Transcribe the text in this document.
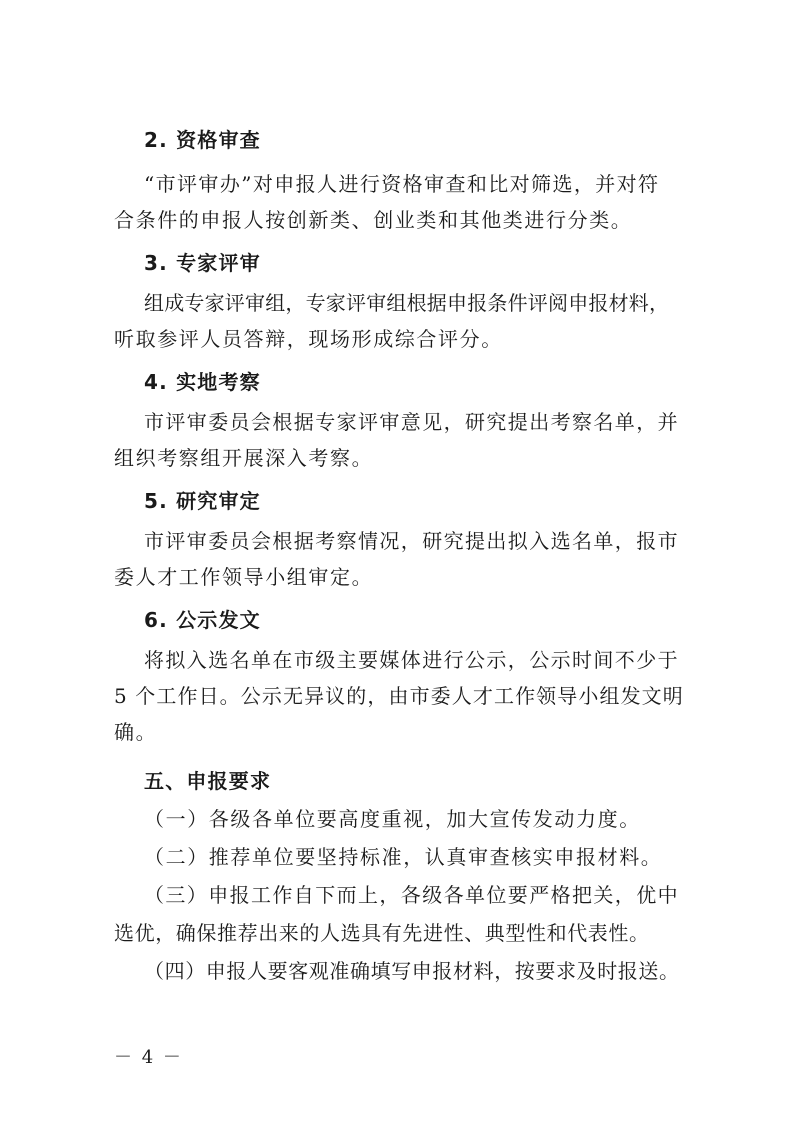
2. 资格审查
“市评审办”对申报人进行资格审查和比对筛选，并对符
合条件的申报人按创新类、创业类和其他类进行分类。
3. 专家评审
组成专家评审组，专家评审组根据申报条件评阅申报材料，
听取参评人员答辩，现场形成综合评分。
4. 实地考察
市评审委员会根据专家评审意见，研究提出考察名单，并
组织考察组开展深入考察。
5. 研究审定
市评审委员会根据考察情况，研究提出拟入选名单，报市
委人才工作领导小组审定。
6. 公示发文
将拟入选名单在市级主要媒体进行公示，公示时间不少于
5 个工作日。公示无异议的，由市委人才工作领导小组发文明
确。
五、申报要求
（一）各级各单位要高度重视，加大宣传发动力度。
（二）推荐单位要坚持标准，认真审查核实申报材料。
（三）申报工作自下而上，各级各单位要严格把关，优中
选优，确保推荐出来的人选具有先进性、典型性和代表性。
（四）申报人要客观准确填写申报材料，按要求及时报送。
－ 4 －
